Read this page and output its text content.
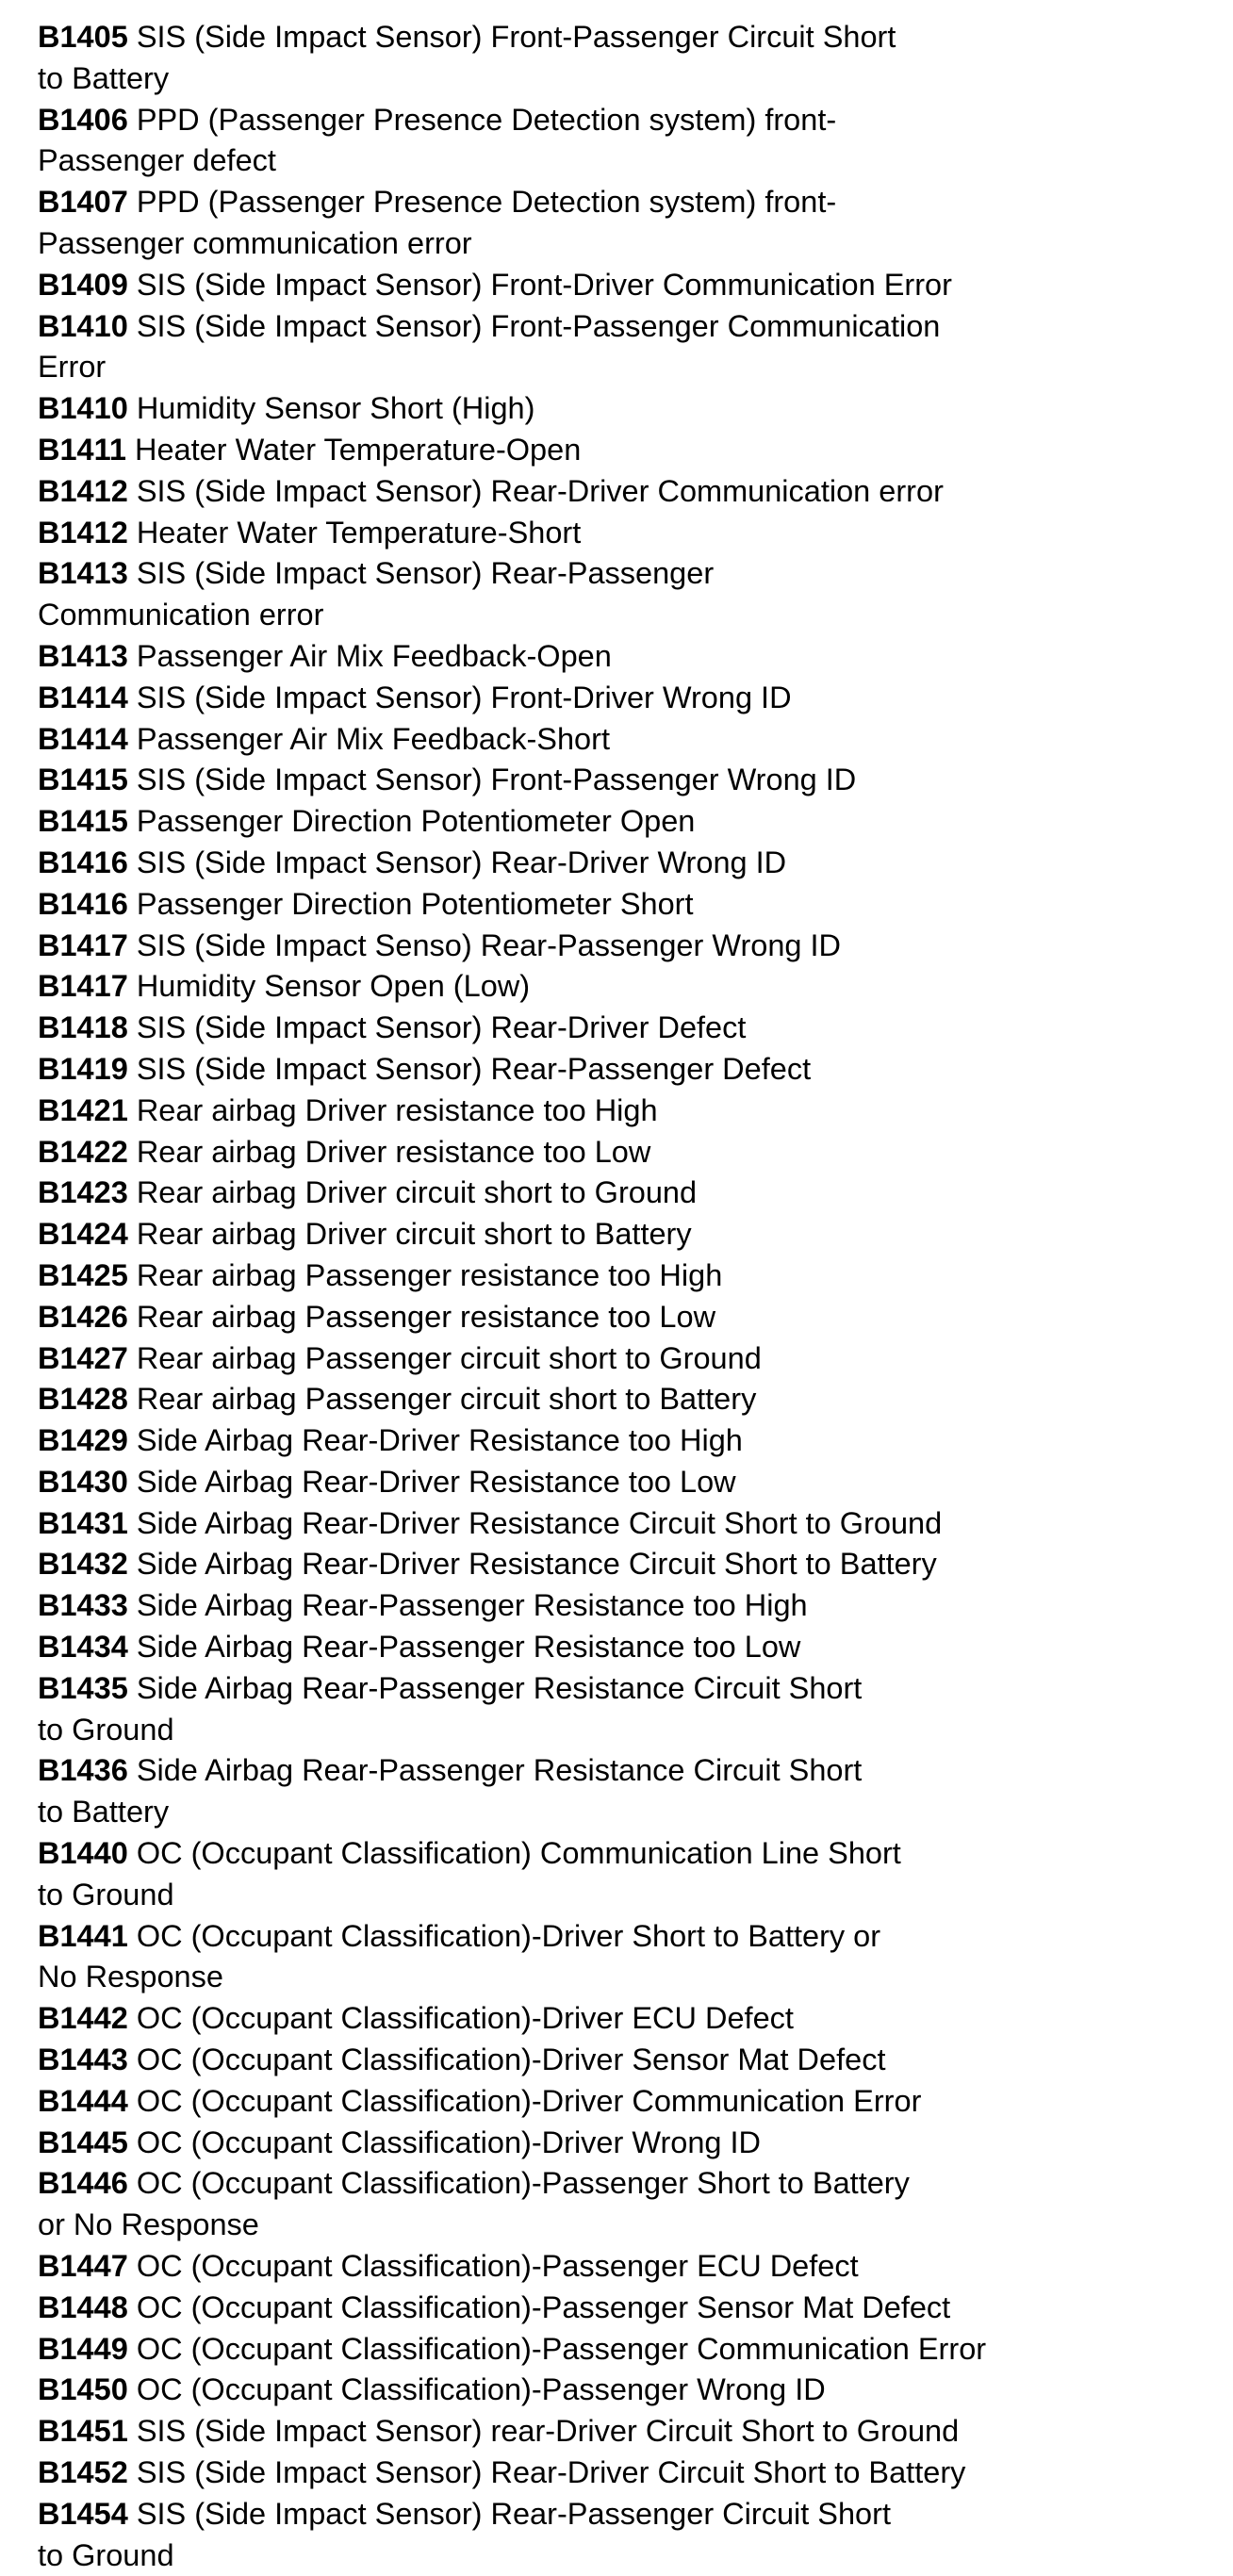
B1405 SIS (Side Impact Sensor) Front-Passenger Circuit Short
to Battery
B1406 PPD (Passenger Presence Detection system) front-
Passenger defect
B1407 PPD (Passenger Presence Detection system) front-
Passenger communication error
B1409 SIS (Side Impact Sensor) Front-Driver Communication Error
B1410 SIS (Side Impact Sensor) Front-Passenger Communication
Error
B1410 Humidity Sensor Short (High)
B1411 Heater Water Temperature-Open
B1412 SIS (Side Impact Sensor) Rear-Driver Communication error
B1412 Heater Water Temperature-Short
B1413 SIS (Side Impact Sensor) Rear-Passenger
Communication error
B1413 Passenger Air Mix Feedback-Open
B1414 SIS (Side Impact Sensor) Front-Driver Wrong ID
B1414 Passenger Air Mix Feedback-Short
B1415 SIS (Side Impact Sensor) Front-Passenger Wrong ID
B1415 Passenger Direction Potentiometer Open
B1416 SIS (Side Impact Sensor) Rear-Driver Wrong ID
B1416 Passenger Direction Potentiometer Short
B1417 SIS (Side Impact Senso) Rear-Passenger Wrong ID
B1417 Humidity Sensor Open (Low)
B1418 SIS (Side Impact Sensor) Rear-Driver Defect
B1419 SIS (Side Impact Sensor) Rear-Passenger Defect
B1421 Rear airbag Driver resistance too High
B1422 Rear airbag Driver resistance too Low
B1423 Rear airbag Driver circuit short to Ground
B1424 Rear airbag Driver circuit short to Battery
B1425 Rear airbag Passenger resistance too High
B1426 Rear airbag Passenger resistance too Low
B1427 Rear airbag Passenger circuit short to Ground
B1428 Rear airbag Passenger circuit short to Battery
B1429 Side Airbag Rear-Driver Resistance too High
B1430 Side Airbag Rear-Driver Resistance too Low
B1431 Side Airbag Rear-Driver Resistance Circuit Short to Ground
B1432 Side Airbag Rear-Driver Resistance Circuit Short to Battery
B1433 Side Airbag Rear-Passenger Resistance too High
B1434 Side Airbag Rear-Passenger Resistance too Low
B1435 Side Airbag Rear-Passenger Resistance Circuit Short
to Ground
B1436 Side Airbag Rear-Passenger Resistance Circuit Short
to Battery
B1440 OC (Occupant Classification) Communication Line Short
to Ground
B1441 OC (Occupant Classification)-Driver Short to Battery or
No Response
B1442 OC (Occupant Classification)-Driver ECU Defect
B1443 OC (Occupant Classification)-Driver Sensor Mat Defect
B1444 OC (Occupant Classification)-Driver Communication Error
B1445 OC (Occupant Classification)-Driver Wrong ID
B1446 OC (Occupant Classification)-Passenger Short to Battery
or No Response
B1447 OC (Occupant Classification)-Passenger ECU Defect
B1448 OC (Occupant Classification)-Passenger Sensor Mat Defect
B1449 OC (Occupant Classification)-Passenger Communication Error
B1450 OC (Occupant Classification)-Passenger Wrong ID
B1451 SIS (Side Impact Sensor) rear-Driver Circuit Short to Ground
B1452 SIS (Side Impact Sensor) Rear-Driver Circuit Short to Battery
B1454 SIS (Side Impact Sensor) Rear-Passenger Circuit Short
to Ground
